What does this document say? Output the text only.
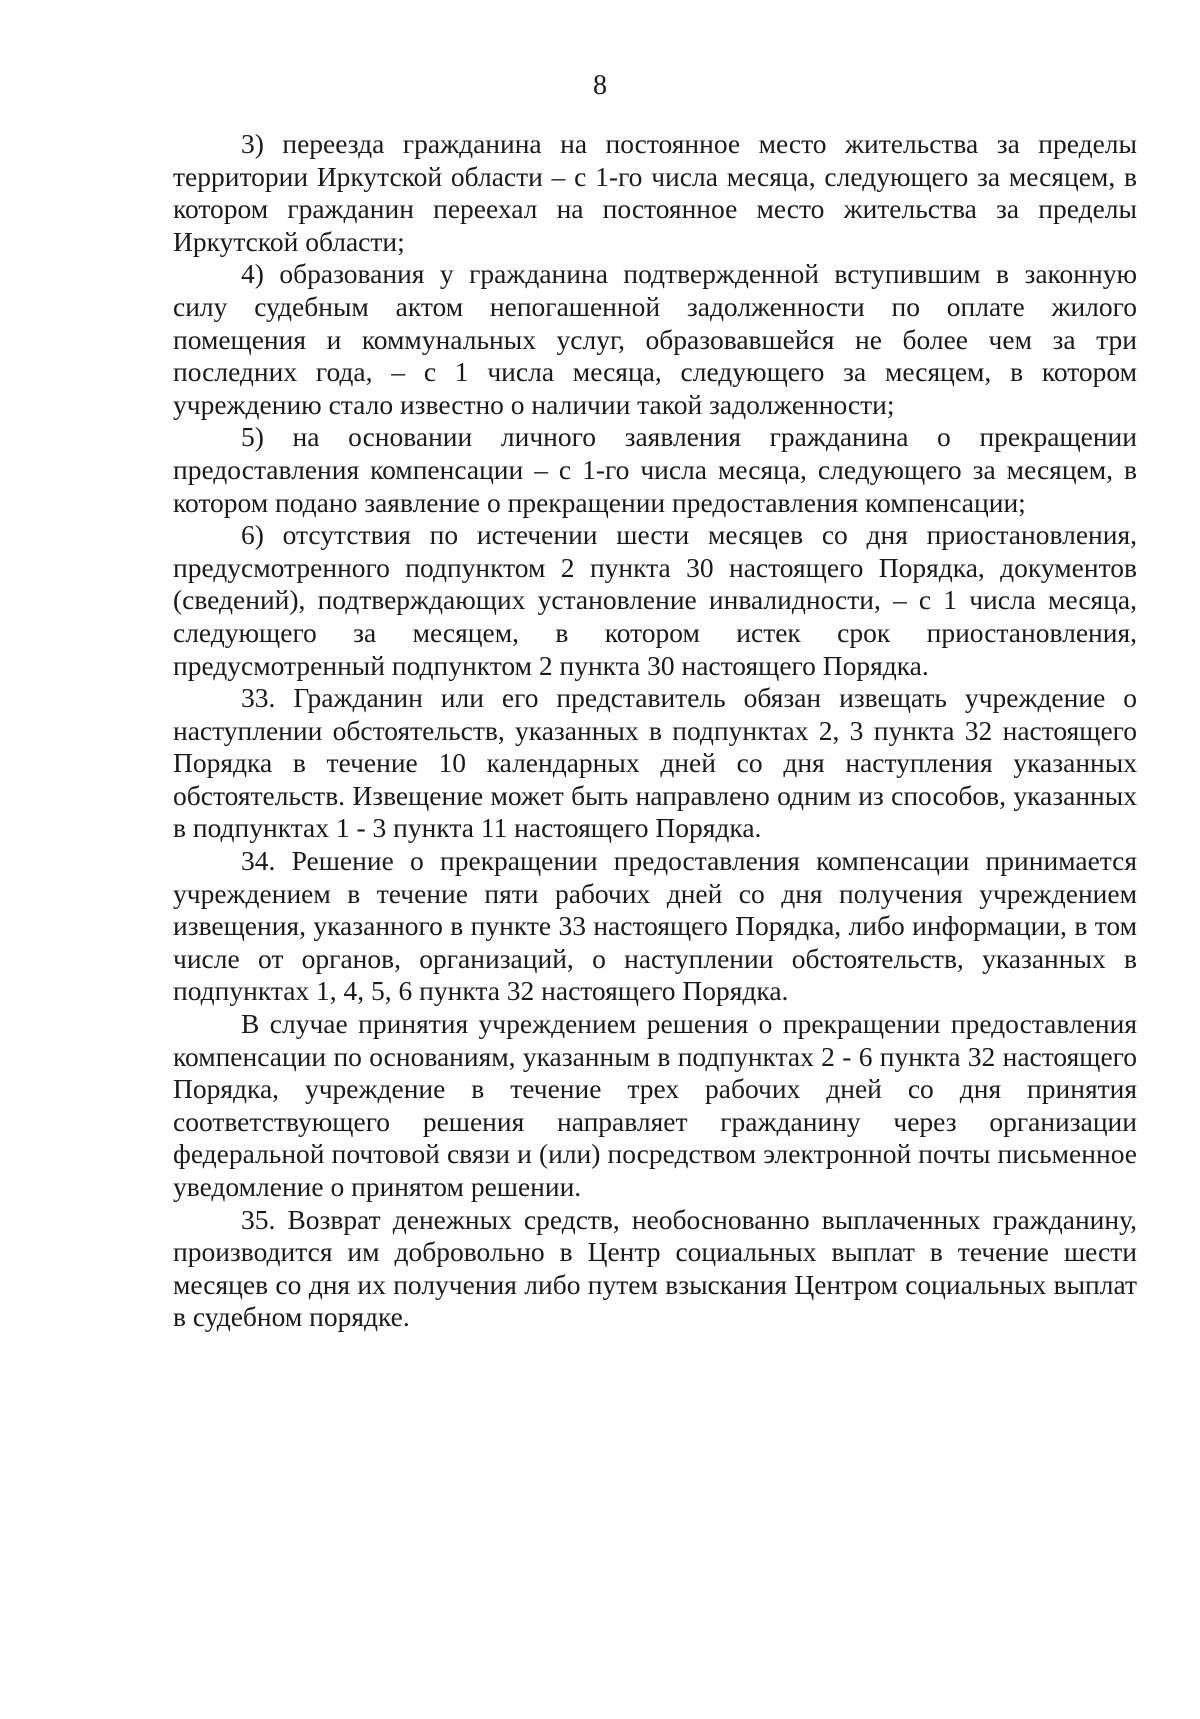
8

3) переезда гражданина на постоянное место жительства за пределы территории Иркутской области – с 1-го числа месяца, следующего за месяцем, в котором гражданин переехал на постоянное место жительства за пределы Иркутской области;

4) образования у гражданина подтвержденной вступившим в законную силу судебным актом непогашенной задолженности по оплате жилого помещения и коммунальных услуг, образовавшейся не более чем за три последних года, – с 1 числа месяца, следующего за месяцем, в котором учреждению стало известно о наличии такой задолженности;

5) на основании личного заявления гражданина о прекращении предоставления компенсации – с 1-го числа месяца, следующего за месяцем, в котором подано заявление о прекращении предоставления компенсации;

6) отсутствия по истечении шести месяцев со дня приостановления, предусмотренного подпунктом 2 пункта 30 настоящего Порядка, документов (сведений), подтверждающих установление инвалидности, – с 1 числа месяца, следующего за месяцем, в котором истек срок приостановления, предусмотренный подпунктом 2 пункта 30 настоящего Порядка.

33. Гражданин или его представитель обязан извещать учреждение о наступлении обстоятельств, указанных в подпунктах 2, 3 пункта 32 настоящего Порядка в течение 10 календарных дней со дня наступления указанных обстоятельств. Извещение может быть направлено одним из способов, указанных в подпунктах 1 - 3 пункта 11 настоящего Порядка.

34. Решение о прекращении предоставления компенсации принимается учреждением в течение пяти рабочих дней со дня получения учреждением извещения, указанного в пункте 33 настоящего Порядка, либо информации, в том числе от органов, организаций, о наступлении обстоятельств, указанных в подпунктах 1, 4, 5, 6 пункта 32 настоящего Порядка.

В случае принятия учреждением решения о прекращении предоставления компенсации по основаниям, указанным в подпунктах 2 - 6 пункта 32 настоящего Порядка, учреждение в течение трех рабочих дней со дня принятия соответствующего решения направляет гражданину через организации федеральной почтовой связи и (или) посредством электронной почты письменное уведомление о принятом решении.

35. Возврат денежных средств, необоснованно выплаченных гражданину, производится им добровольно в Центр социальных выплат в течение шести месяцев со дня их получения либо путем взыскания Центром социальных выплат в судебном порядке.
